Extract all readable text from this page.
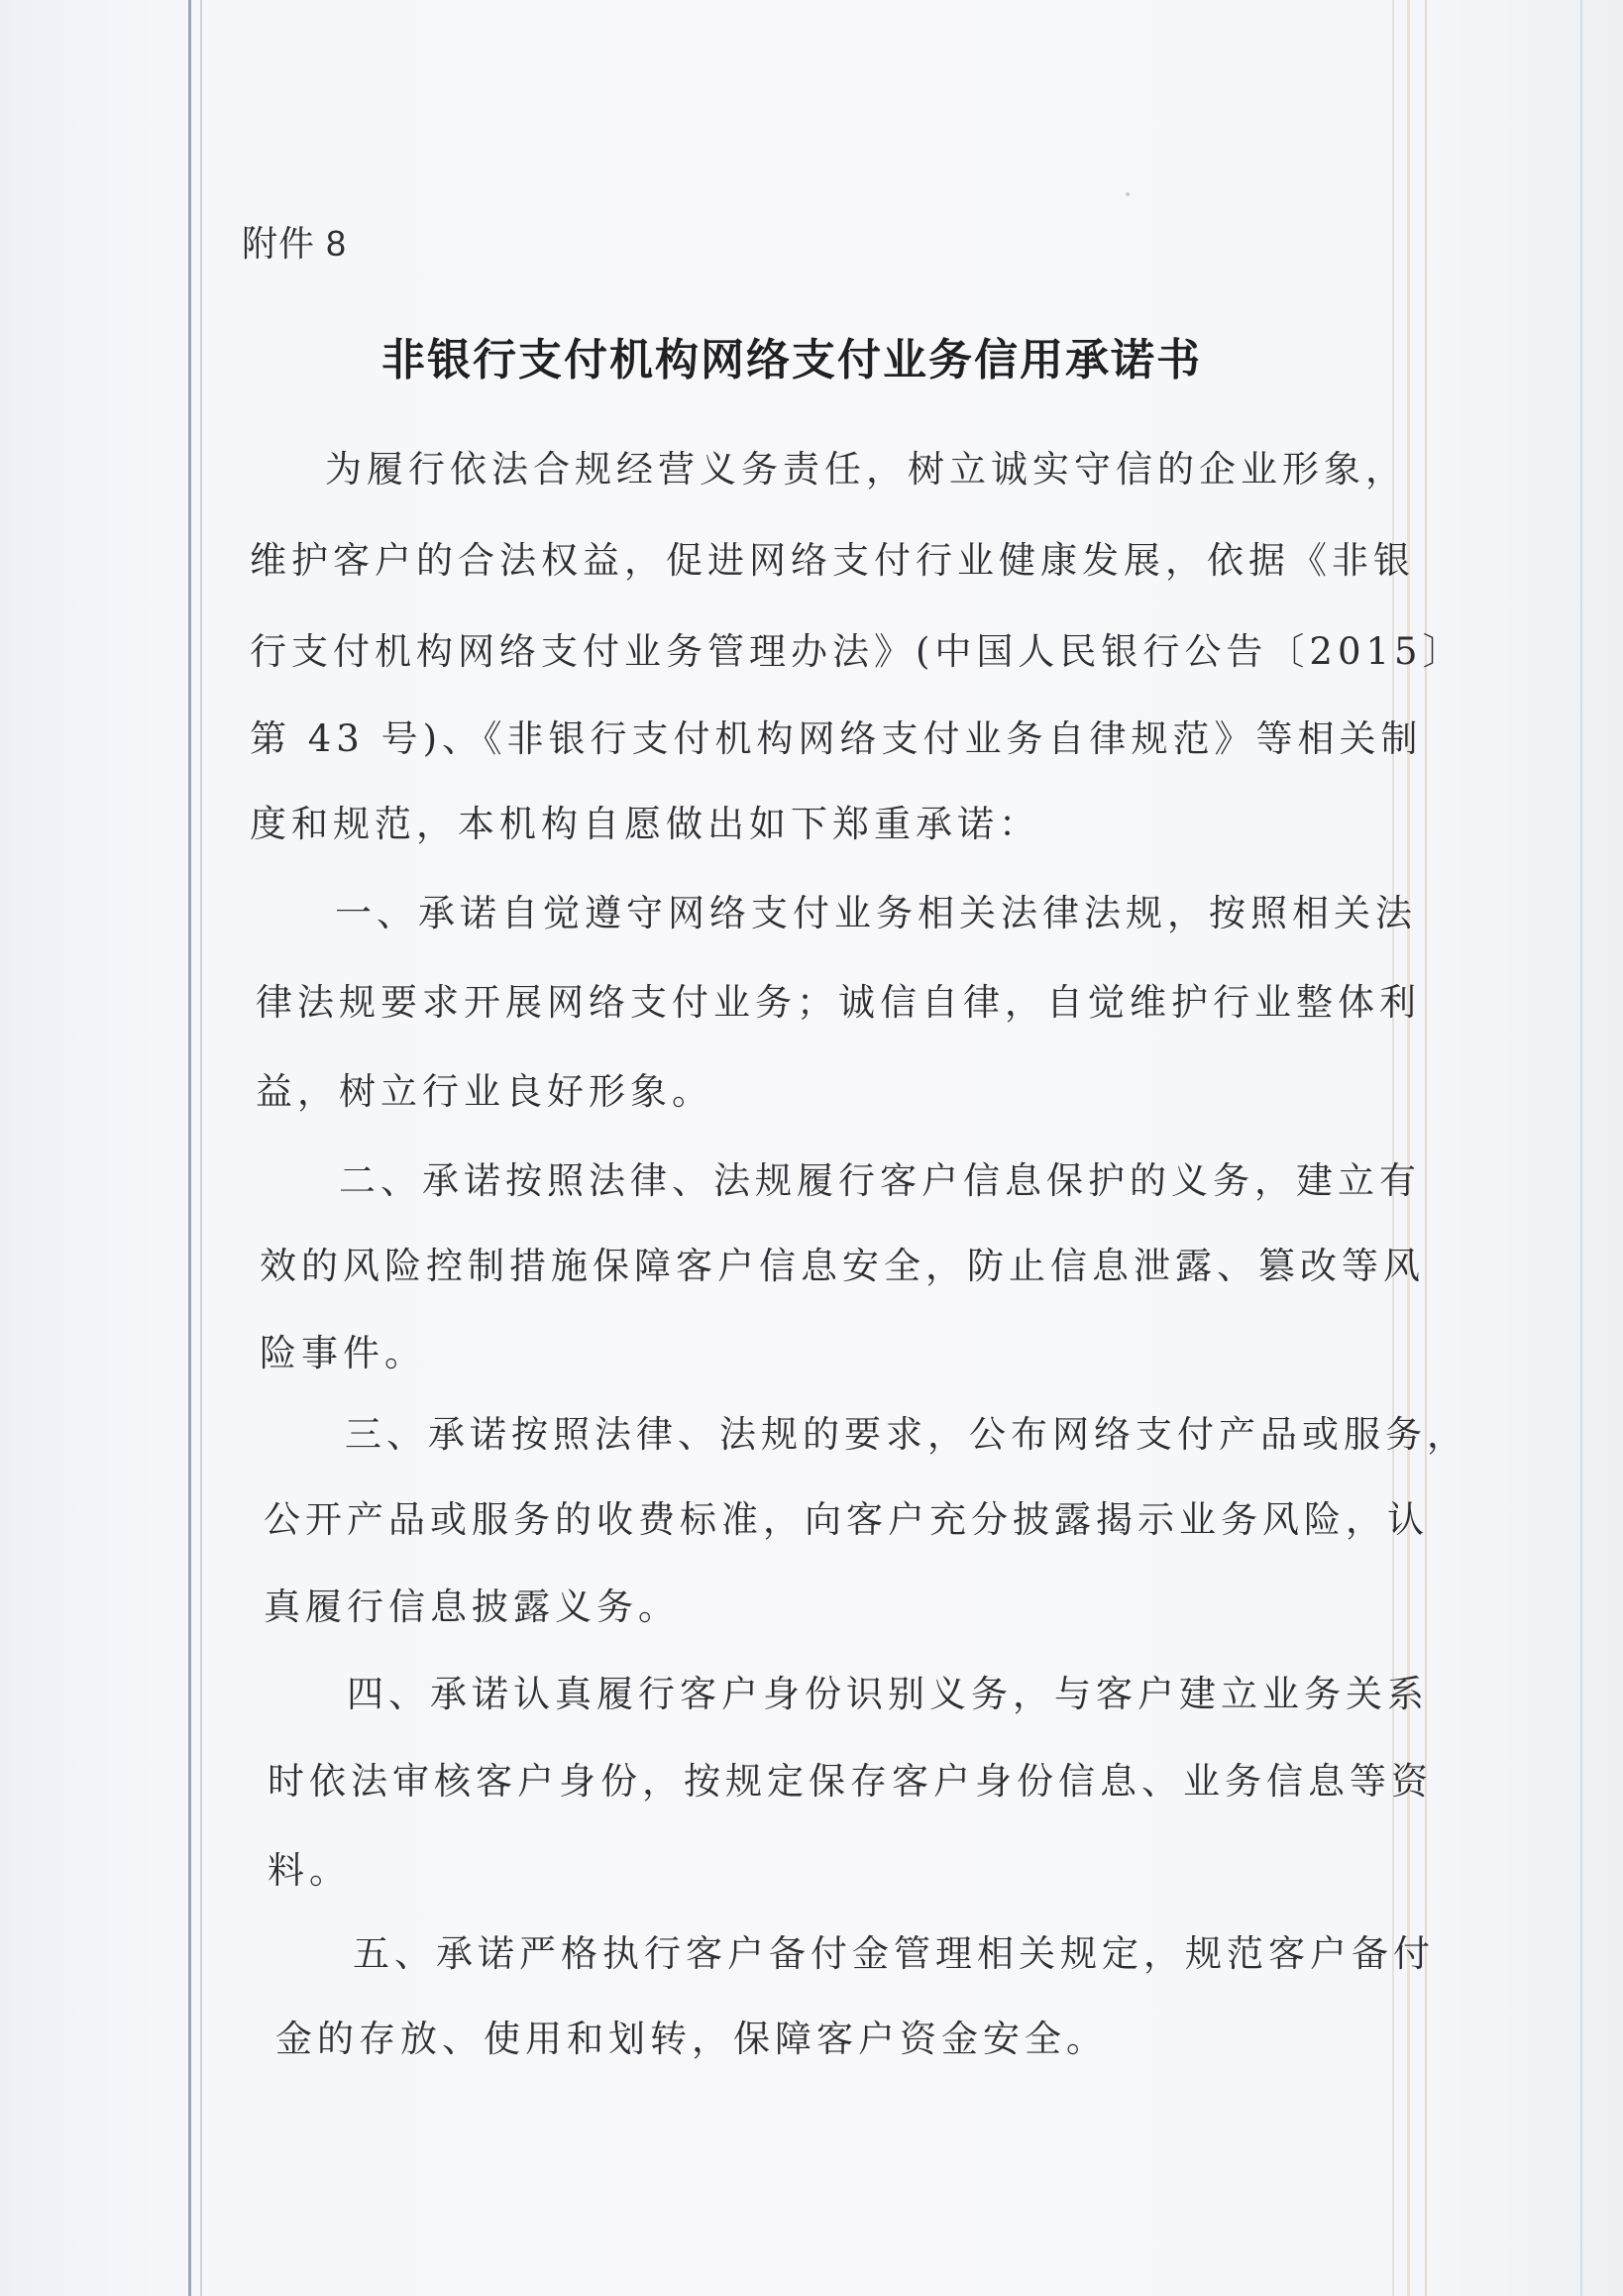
附件 8
非银行支付机构网络支付业务信用承诺书
为履行依法合规经营义务责任，树立诚实守信的企业形象，
维护客户的合法权益，促进网络支付行业健康发展，依据《非银
行支付机构网络支付业务管理办法》(中国人民银行公告〔2015〕
第 43 号)、《非银行支付机构网络支付业务自律规范》等相关制
度和规范，本机构自愿做出如下郑重承诺：
一、承诺自觉遵守网络支付业务相关法律法规，按照相关法
律法规要求开展网络支付业务；诚信自律，自觉维护行业整体利
益，树立行业良好形象。
二、承诺按照法律、法规履行客户信息保护的义务，建立有
效的风险控制措施保障客户信息安全，防止信息泄露、篡改等风
险事件。
三、承诺按照法律、法规的要求，公布网络支付产品或服务，
公开产品或服务的收费标准，向客户充分披露揭示业务风险，认
真履行信息披露义务。
四、承诺认真履行客户身份识别义务，与客户建立业务关系
时依法审核客户身份，按规定保存客户身份信息、业务信息等资
料。
五、承诺严格执行客户备付金管理相关规定，规范客户备付
金的存放、使用和划转，保障客户资金安全。
